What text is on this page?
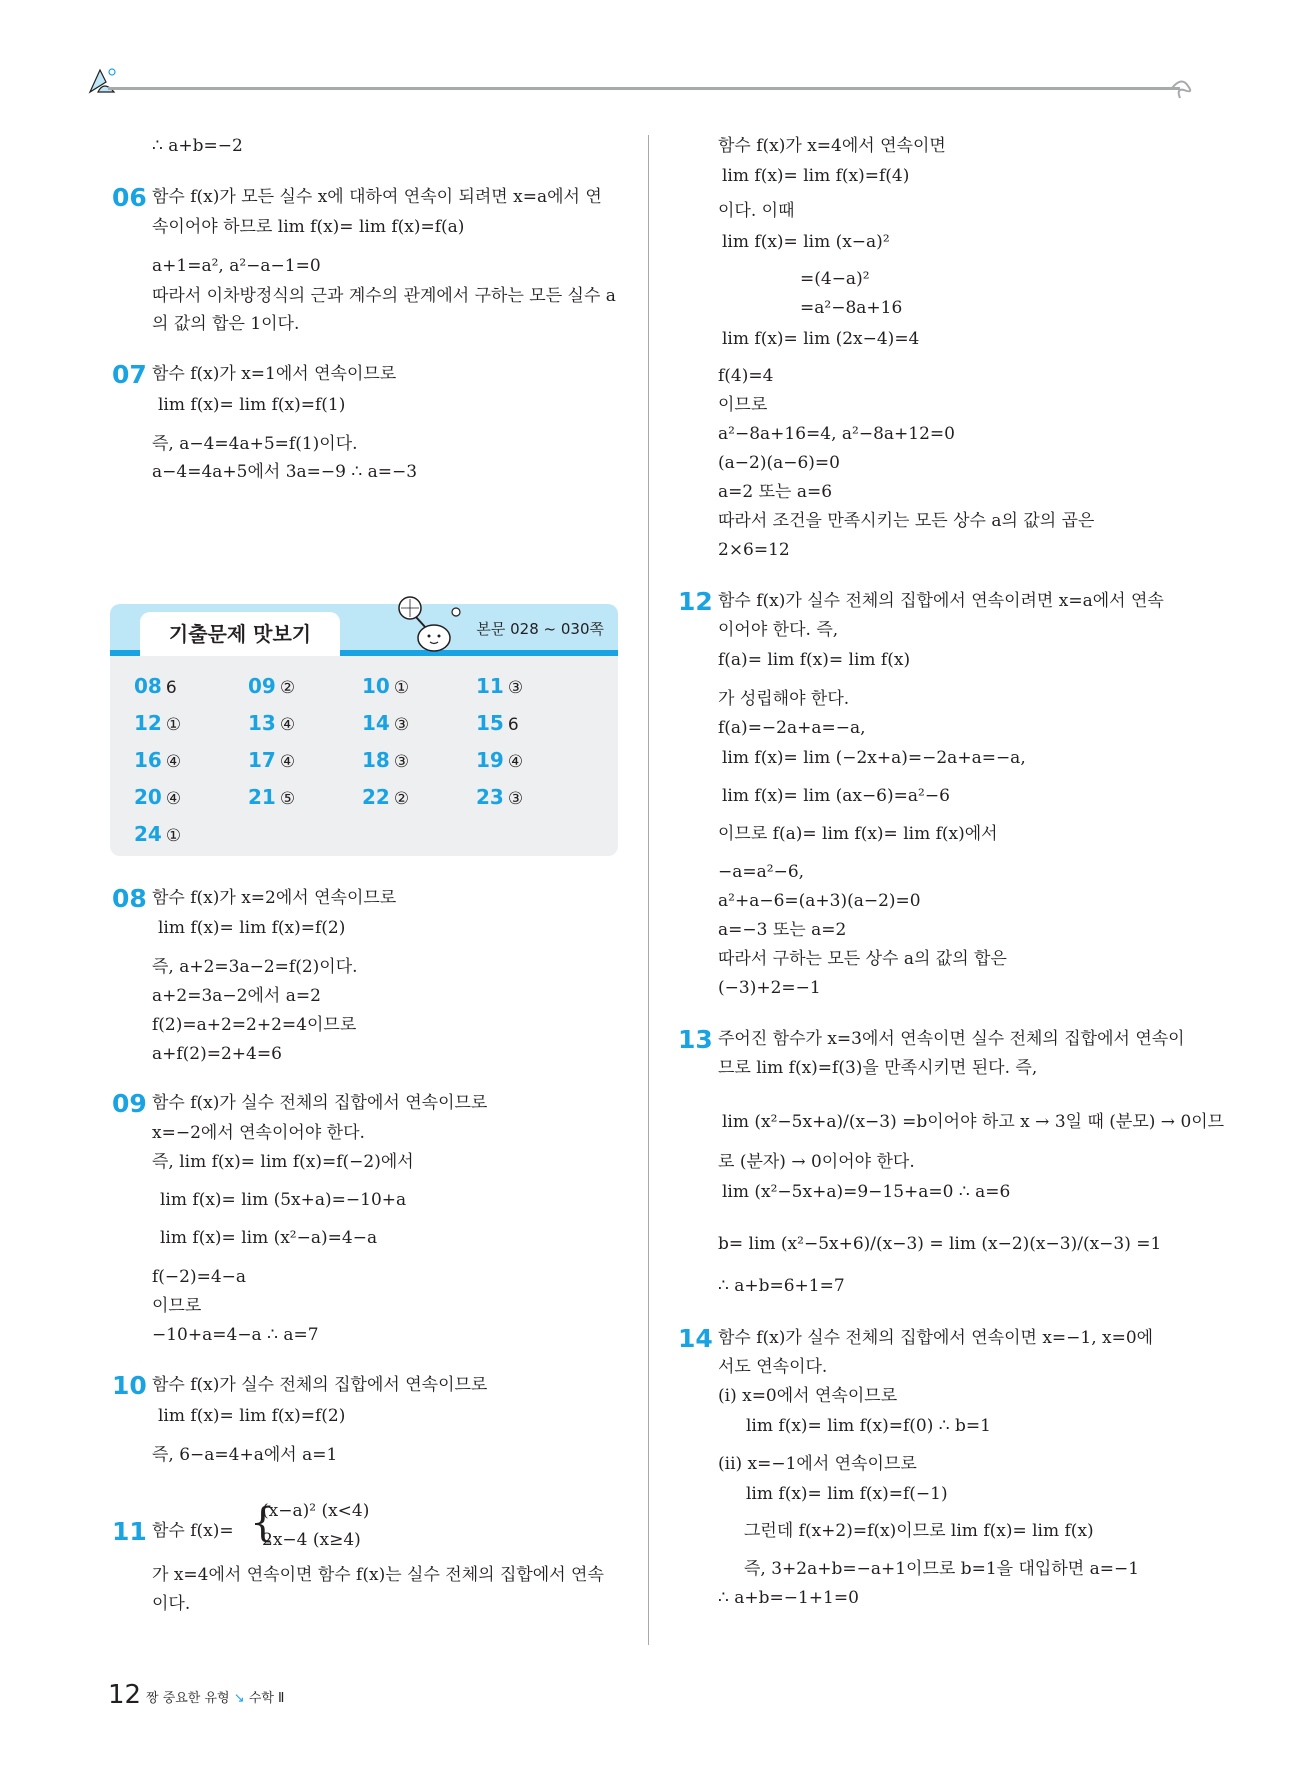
∴ a+b=−2
06 함수 f(x)가 모든 실수 x에 대하여 연속이 되려면 x=a에서 연
속이어야 하므로 lim f(x)= lim f(x)=f(a)
a+1=a², a²−a−1=0
따라서 이차방정식의 근과 계수의 관계에서 구하는 모든 실수 a
의 값의 합은 1이다.
07 함수 f(x)가 x=1에서 연속이므로
lim f(x)= lim f(x)=f(1)
즉, a−4=4a+5=f(1)이다.
a−4=4a+5에서 3a=−9 ∴ a=−3
기출문제 맛보기	본문 028 ~ 030쪽
08 6	09 ②	10 ①	11 ③
12 ①	13 ④	14 ③	15 6
16 ④	17 ④	18 ③	19 ④
20 ④	21 ⑤	22 ②	23 ③
24 ①
08 함수 f(x)가 x=2에서 연속이므로
lim f(x)= lim f(x)=f(2)
즉, a+2=3a−2=f(2)이다.
a+2=3a−2에서 a=2
f(2)=a+2=2+2=4이므로
a+f(2)=2+4=6
09 함수 f(x)가 실수 전체의 집합에서 연속이므로
x=−2에서 연속이어야 한다.
즉, lim f(x)= lim f(x)=f(−2)에서
lim f(x)= lim (5x+a)=−10+a
lim f(x)= lim (x²−a)=4−a
f(−2)=4−a
이므로
−10+a=4−a ∴ a=7
10 함수 f(x)가 실수 전체의 집합에서 연속이므로
lim f(x)= lim f(x)=f(2)
즉, 6−a=4+a에서 a=1
11
(x−a)² (x<4)
함수 f(x)= {
2x−4 (x≥4)
가 x=4에서 연속이면 함수 f(x)는 실수 전체의 집합에서 연속
이다.
함수 f(x)가 x=4에서 연속이면
lim f(x)= lim f(x)=f(4)
이다. 이때
lim f(x)= lim (x−a)²
=(4−a)²
=a²−8a+16
lim f(x)= lim (2x−4)=4
f(4)=4
이므로
a²−8a+16=4, a²−8a+12=0
(a−2)(a−6)=0
a=2 또는 a=6
따라서 조건을 만족시키는 모든 상수 a의 값의 곱은
2×6=12
12 함수 f(x)가 실수 전체의 집합에서 연속이려면 x=a에서 연속
이어야 한다. 즉,
f(a)= lim f(x)= lim f(x)
가 성립해야 한다.
f(a)=−2a+a=−a,
lim f(x)= lim (−2x+a)=−2a+a=−a,
lim f(x)= lim (ax−6)=a²−6
이므로 f(a)= lim f(x)= lim f(x)에서
−a=a²−6,
a²+a−6=(a+3)(a−2)=0
a=−3 또는 a=2
따라서 구하는 모든 상수 a의 값의 합은
(−3)+2=−1
13 주어진 함수가 x=3에서 연속이면 실수 전체의 집합에서 연속이
므로 lim f(x)=f(3)을 만족시키면 된다. 즉,
lim (x²−5x+a)/(x−3) =b이어야 하고 x → 3일 때 (분모) → 0이므
로 (분자) → 0이어야 한다.
lim (x²−5x+a)=9−15+a=0 ∴ a=6
b= lim (x²−5x+6)/(x−3) = lim (x−2)(x−3)/(x−3) =1
∴ a+b=6+1=7
14 함수 f(x)가 실수 전체의 집합에서 연속이면 x=−1, x=0에
서도 연속이다.
(i) x=0에서 연속이므로
lim f(x)= lim f(x)=f(0) ∴ b=1
(ii) x=−1에서 연속이므로
lim f(x)= lim f(x)=f(−1)
그런데 f(x+2)=f(x)이므로 lim f(x)= lim f(x)
즉, 3+2a+b=−a+1이므로 b=1을 대입하면 a=−1
∴ a+b=−1+1=0
12 짱 중요한 유형 ↘ 수학 Ⅱ
